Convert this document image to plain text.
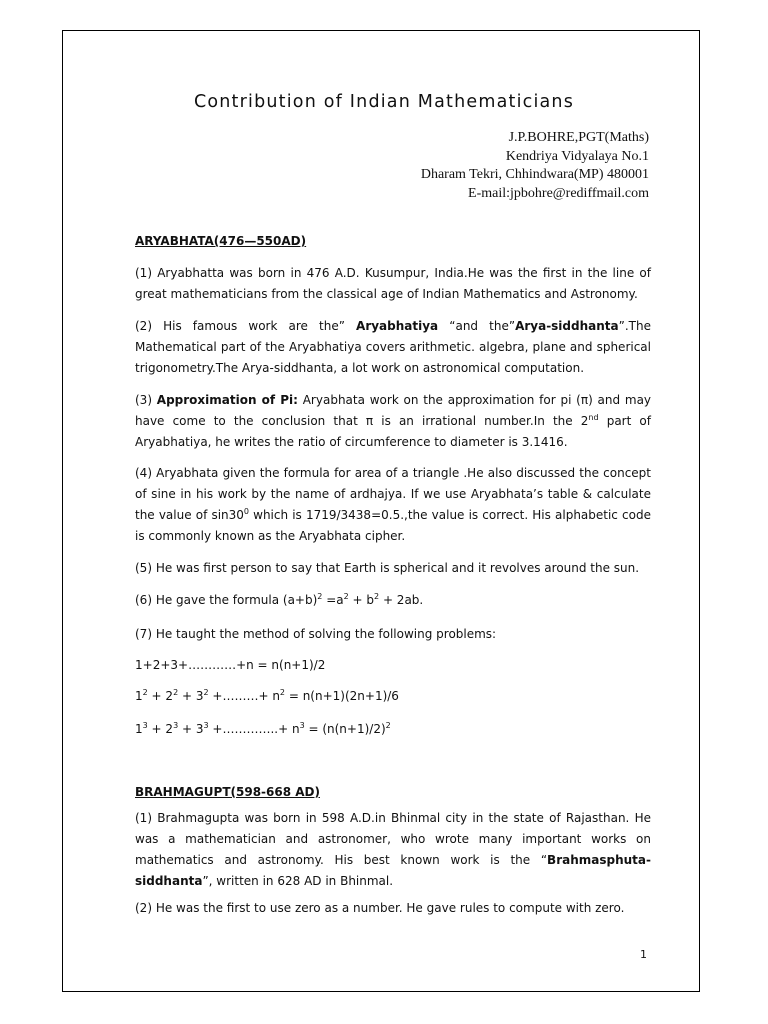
Contribution of Indian Mathematicians
J.P.BOHRE,PGT(Maths)
Kendriya Vidyalaya No.1
Dharam Tekri, Chhindwara(MP) 480001
E-mail:jpbohre@rediffmail.com
ARYABHATA(476—550AD)

(1) Aryabhatta was born in 476 A.D. Kusumpur, India.He was the first in the line of great mathematicians from the classical age of Indian Mathematics and Astronomy.

(2) His famous work are the” Aryabhatiya “and the”Arya-siddhanta”.The Mathematical part of the Aryabhatiya covers arithmetic. algebra, plane and spherical trigonometry.The Arya-siddhanta, a lot work on astronomical computation.

(3) Approximation of Pi: Aryabhata work on the approximation for pi (π) and may have come to the conclusion that π is an irrational number.In the 2nd part of Aryabhatiya, he writes the ratio of circumference to diameter is 3.1416.

(4) Aryabhata given the formula for area of a triangle .He also discussed the concept of sine in his work by the name of ardhajya. If we use Aryabhata’s table & calculate the value of $\sin 30^0$ which is 1719/3438=0.5.,the value is correct. His alphabetic code is commonly known as the Aryabhata cipher.

(5) He was first person to say that Earth is spherical and it revolves around the sun.

(6) He gave the formula $(a+b)^2 =a^2 + b^2 + 2ab$.

(7) He taught the method of solving the following problems:

1+2+3+…………+n = n(n+1)/2
$1^2 + 2^2 + 3^2$ +………+ $n^2 = n(n+1)(2n+1)/6$
$1^3 + 2^3 + 3^3$ +…………..+ $n^3 = (n(n+1)/2)^2$
BRAHMAGUPT(598-668 AD)

(1) Brahmagupta was born in 598 A.D.in Bhinmal city in the state of Rajasthan. He was a mathematician and astronomer, who wrote many important works on mathematics and astronomy. His best known work is the “Brahmasphuta-siddhanta”, written in 628 AD in Bhinmal.

(2) He was the first to use zero as a number. He gave rules to compute with zero.

1
